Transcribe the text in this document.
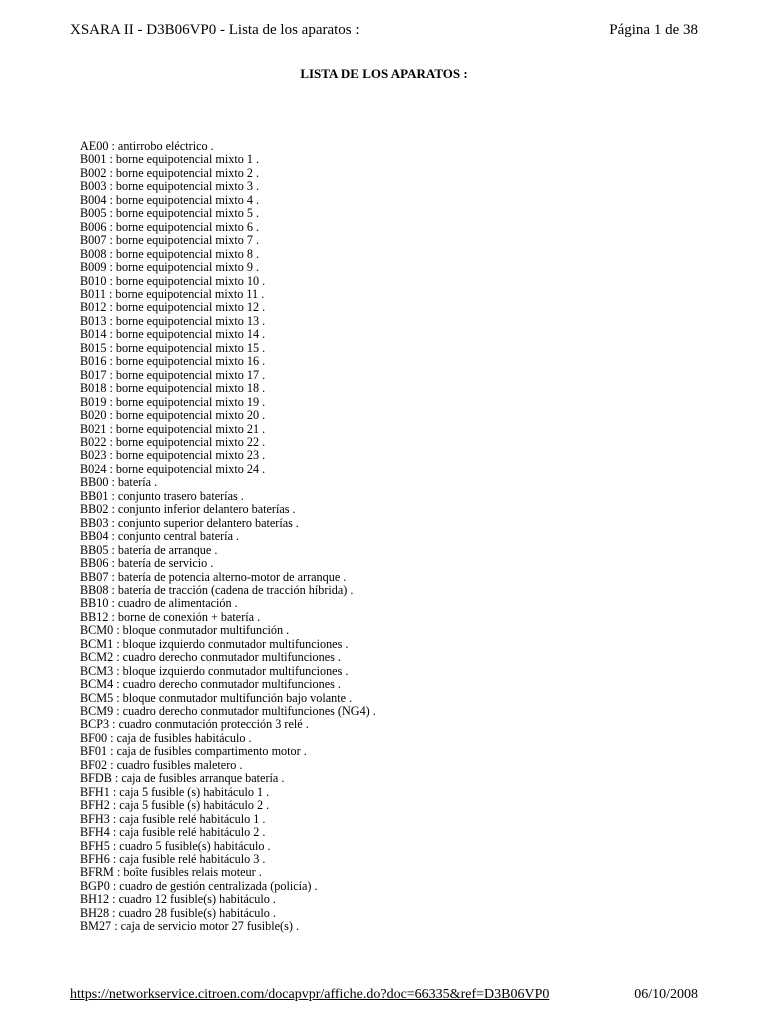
XSARA II - D3B06VP0 - Lista de los aparatos :	Página 1 de 38
LISTA DE LOS APARATOS :
AE00 : antirrobo eléctrico .
B001 : borne equipotencial mixto 1 .
B002 : borne equipotencial mixto 2 .
B003 : borne equipotencial mixto 3 .
B004 : borne equipotencial mixto 4 .
B005 : borne equipotencial mixto 5 .
B006 : borne equipotencial mixto 6 .
B007 : borne equipotencial mixto 7 .
B008 : borne equipotencial mixto 8 .
B009 : borne equipotencial mixto 9 .
B010 : borne equipotencial mixto 10 .
B011 : borne equipotencial mixto 11 .
B012 : borne equipotencial mixto 12 .
B013 : borne equipotencial mixto 13 .
B014 : borne equipotencial mixto 14 .
B015 : borne equipotencial mixto 15 .
B016 : borne equipotencial mixto 16 .
B017 : borne equipotencial mixto 17 .
B018 : borne equipotencial mixto 18 .
B019 : borne equipotencial mixto 19 .
B020 : borne equipotencial mixto 20 .
B021 : borne equipotencial mixto 21 .
B022 : borne equipotencial mixto 22 .
B023 : borne equipotencial mixto 23 .
B024 : borne equipotencial mixto 24 .
BB00 : batería .
BB01 : conjunto trasero baterías .
BB02 : conjunto inferior delantero baterías .
BB03 : conjunto superior delantero baterías .
BB04 : conjunto central batería .
BB05 : batería de arranque .
BB06 : batería de servicio .
BB07 : batería de potencia alterno-motor de arranque .
BB08 : batería de tracción (cadena de tracción híbrida) .
BB10 : cuadro de alimentación .
BB12 : borne de conexión + batería .
BCM0 : bloque conmutador multifunción .
BCM1 : bloque izquierdo conmutador multifunciones .
BCM2 : cuadro derecho conmutador multifunciones .
BCM3 : bloque izquierdo conmutador multifunciones .
BCM4 : cuadro derecho conmutador multifunciones .
BCM5 : bloque conmutador multifunción bajo volante .
BCM9 : cuadro derecho conmutador multifunciones (NG4) .
BCP3 : cuadro conmutación protección 3 relé .
BF00 : caja de fusibles habitáculo .
BF01 : caja de fusibles compartimento motor .
BF02 : cuadro fusibles maletero .
BFDB : caja de fusibles arranque batería .
BFH1 : caja 5 fusible (s) habitáculo 1 .
BFH2 : caja 5 fusible (s) habitáculo 2 .
BFH3 : caja fusible relé habitáculo 1 .
BFH4 : caja fusible relé habitáculo 2 .
BFH5 : cuadro 5 fusible(s) habitáculo .
BFH6 : caja fusible relé habitáculo 3 .
BFRM : boîte fusibles relais moteur .
BGP0 : cuadro de gestión centralizada (policía) .
BH12 : cuadro 12 fusible(s) habitáculo .
BH28 : cuadro 28 fusible(s) habitáculo .
BM27 : caja de servicio motor 27 fusible(s) .
https://networkservice.citroen.com/docapvpr/affiche.do?doc=66335&ref=D3B06VP0	06/10/2008
